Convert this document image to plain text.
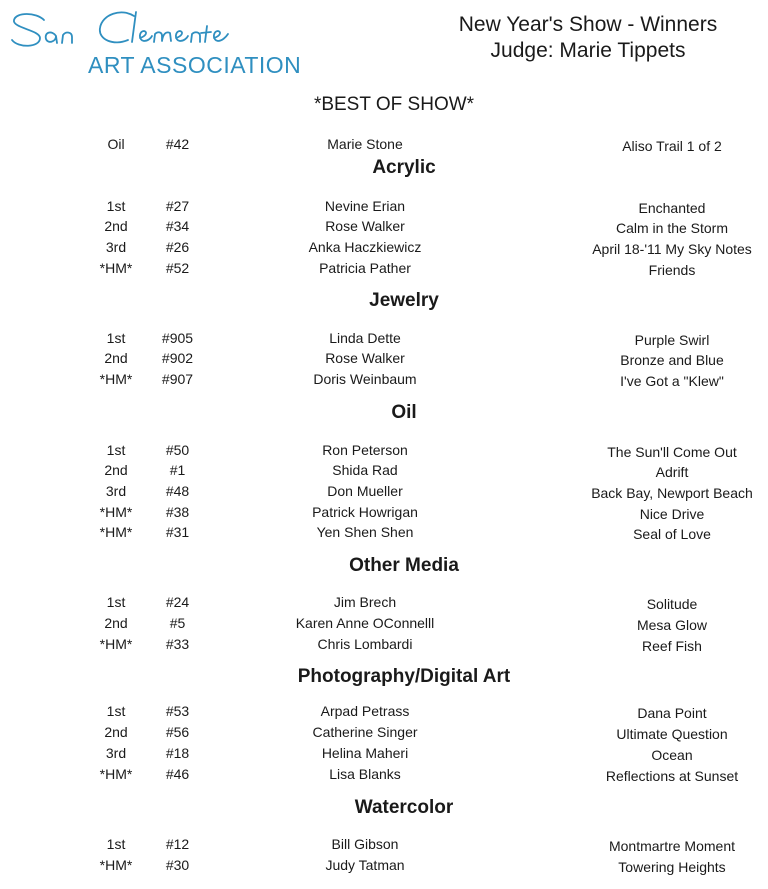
ART ASSOCIATION
New Year's Show - Winners
Judge: Marie Tippets
*BEST OF SHOW*
Oil	#42	Marie Stone	Aliso Trail 1 of 2
Acrylic
1st	#27	Nevine Erian	Enchanted
2nd	#34	Rose Walker	Calm in the Storm
3rd	#26	Anka Haczkiewicz	April 18-'11 My Sky Notes
*HM*	#52	Patricia Pather	Friends
Jewelry
1st	#905	Linda Dette	Purple Swirl
2nd	#902	Rose Walker	Bronze and Blue
*HM*	#907	Doris Weinbaum	I've Got a "Klew"
Oil
1st	#50	Ron Peterson	The Sun'll Come Out
2nd	#1	Shida Rad	Adrift
3rd	#48	Don Mueller	Back Bay, Newport Beach
*HM*	#38	Patrick Howrigan	Nice Drive
*HM*	#31	Yen Shen Shen	Seal of Love
Other Media
1st	#24	Jim Brech	Solitude
2nd	#5	Karen Anne OConnelll	Mesa Glow
*HM*	#33	Chris Lombardi	Reef Fish
Photography/Digital Art
1st	#53	Arpad Petrass	Dana Point
2nd	#56	Catherine Singer	Ultimate Question
3rd	#18	Helina Maheri	Ocean
*HM*	#46	Lisa Blanks	Reflections at Sunset
Watercolor
1st	#12	Bill Gibson	Montmartre Moment
*HM*	#30	Judy Tatman	Towering Heights
